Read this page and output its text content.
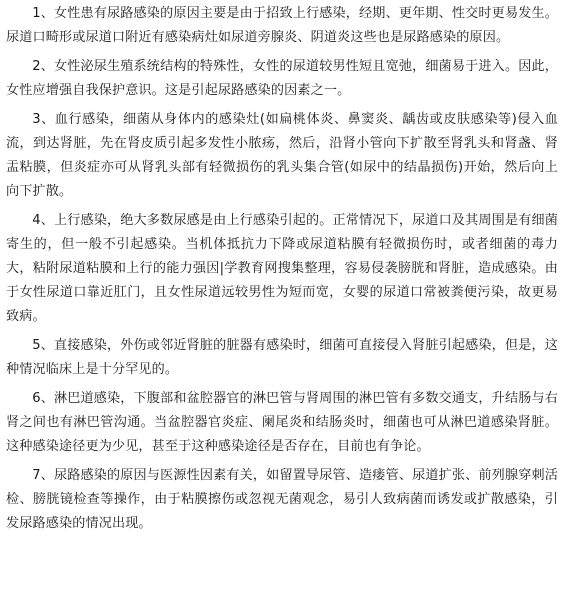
1、女性患有尿路感染的原因主要是由于招致上行感染，经期、更年期、性交时更易发生。尿道口畸形或尿道口附近有感染病灶如尿道旁腺炎、阴道炎这些也是尿路感染的原因。

2、女性泌尿生殖系统结构的特殊性，女性的尿道较男性短且宽弛，细菌易于进入。因此，女性应增强自我保护意识。这是引起尿路感染的因素之一。

3、血行感染，细菌从身体内的感染灶(如扁桃体炎、鼻窦炎、龋齿或皮肤感染等)侵入血流，到达肾脏，先在肾皮质引起多发性小脓疡，然后，沿肾小管向下扩散至肾乳头和肾盏、肾盂粘膜，但炎症亦可从肾乳头部有轻微损伤的乳头集合管(如尿中的结晶损伤)开始，然后向上向下扩散。

4、上行感染，绝大多数尿感是由上行感染引起的。正常情况下，尿道口及其周围是有细菌寄生的，但一般不引起感染。当机体抵抗力下降或尿道粘膜有轻微损伤时，或者细菌的毒力大，粘附尿道粘膜和上行的能力强因|学教育网搜集整理，容易侵袭膀胱和肾脏，造成感染。由于女性尿道口靠近肛门，且女性尿道远较男性为短而宽，女婴的尿道口常被粪便污染，故更易致病。

5、直接感染，外伤或邻近肾脏的脏器有感染时，细菌可直接侵入肾脏引起感染，但是，这种情况临床上是十分罕见的。

6、淋巴道感染，下腹部和盆腔器官的淋巴管与肾周围的淋巴管有多数交通支，升结肠与右肾之间也有淋巴管沟通。当盆腔器官炎症、阑尾炎和结肠炎时，细菌也可从淋巴道感染肾脏。这种感染途径更为少见，甚至于这种感染途径是否存在，目前也有争论。

7、尿路感染的原因与医源性因素有关，如留置导尿管、造瘘管、尿道扩张、前列腺穿刺活检、膀胱镜检查等操作，由于粘膜擦伤或忽视无菌观念，易引人致病菌而诱发或扩散感染，引发尿路感染的情况出现。
